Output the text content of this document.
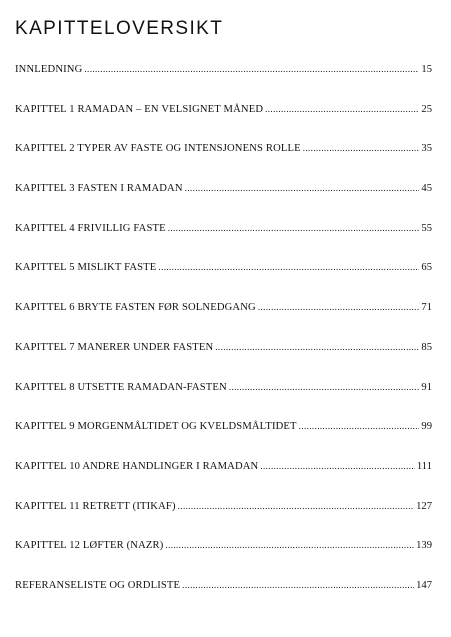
KAPITTELOVERSIKT
INNLEDNING .....	15
KAPITTEL 1 RAMADAN – EN VELSIGNET MÅNED .....	25
KAPITTEL 2 TYPER AV FASTE OG INTENSJONENS ROLLE .....	35
KAPITTEL 3 FASTEN I RAMADAN .....	45
KAPITTEL 4 FRIVILLIG FASTE .....	55
KAPITTEL 5 MISLIKT FASTE .....	65
KAPITTEL 6 BRYTE FASTEN FØR SOLNEDGANG .....	71
KAPITTEL 7 MANERER UNDER FASTEN .....	85
KAPITTEL 8 UTSETTE RAMADAN-FASTEN .....	91
KAPITTEL 9 MORGENMÅLTIDET OG KVELDSMÅLTIDET .....	99
KAPITTEL 10 ANDRE HANDLINGER I RAMADAN .....	111
KAPITTEL 11 RETRETT (ITIKAF) .....	127
KAPITTEL 12 LØFTER (NAZR) .....	139
REFERANSELISTE OG ORDLISTE .....	147
